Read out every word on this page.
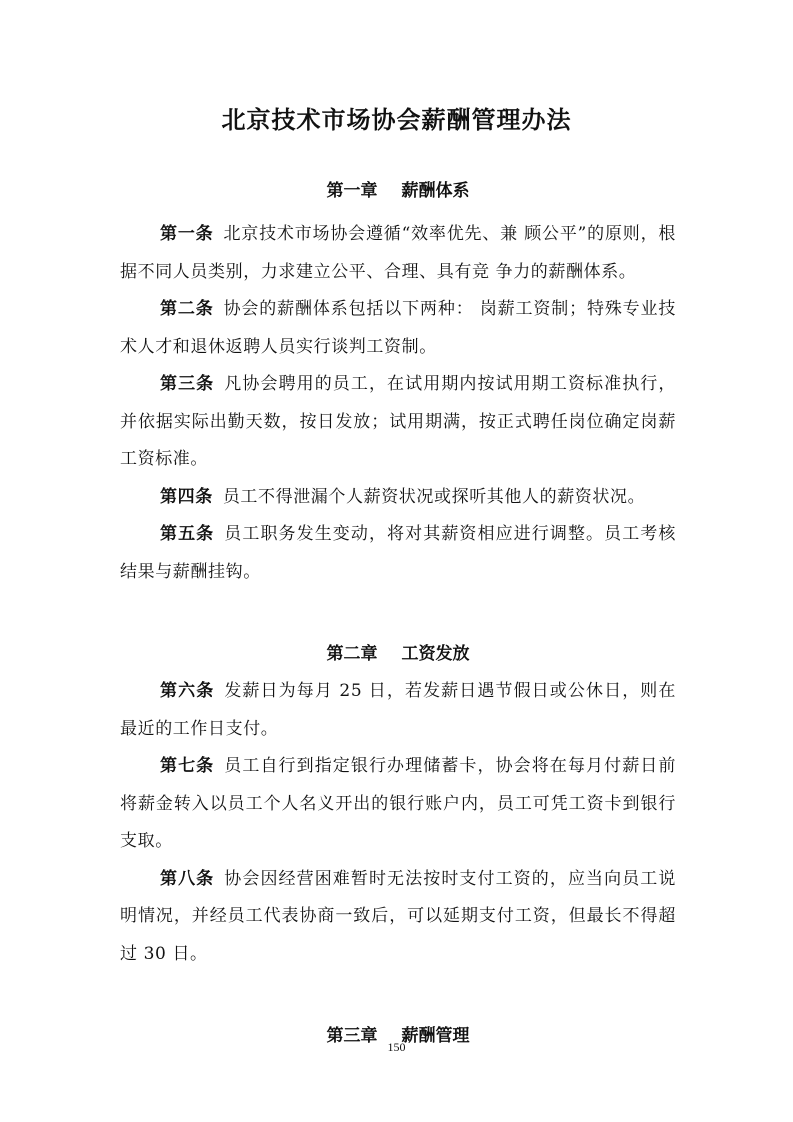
北京技术市场协会薪酬管理办法
第一章 薪酬体系

第一条 北京技术市场协会遵循“效率优先、兼 顾公平”的原则，根据不同人员类别，力求建立公平、合理、具有竞 争力的薪酬体系。

第二条 协会的薪酬体系包括以下两种： 岗薪工资制；特殊专业技术人才和退休返聘人员实行谈判工资制。

第三条 凡协会聘用的员工，在试用期内按试用期工资标准执行，并依据实际出勤天数，按日发放；试用期满，按正式聘任岗位确定岗薪工资标准。

第四条 员工不得泄漏个人薪资状况或探听其他人的薪资状况。

第五条 员工职务发生变动，将对其薪资相应进行调整。员工考核结果与薪酬挂钩。

第二章 工资发放

第六条 发薪日为每月 25 日，若发薪日遇节假日或公休日，则在最近的工作日支付。

第七条 员工自行到指定银行办理储蓄卡，协会将在每月付薪日前将薪金转入以员工个人名义开出的银行账户内，员工可凭工资卡到银行支取。

第八条 协会因经营困难暂时无法按时支付工资的，应当向员工说明情况，并经员工代表协商一致后，可以延期支付工资，但最长不得超过 30 日。

第三章 薪酬管理
150
